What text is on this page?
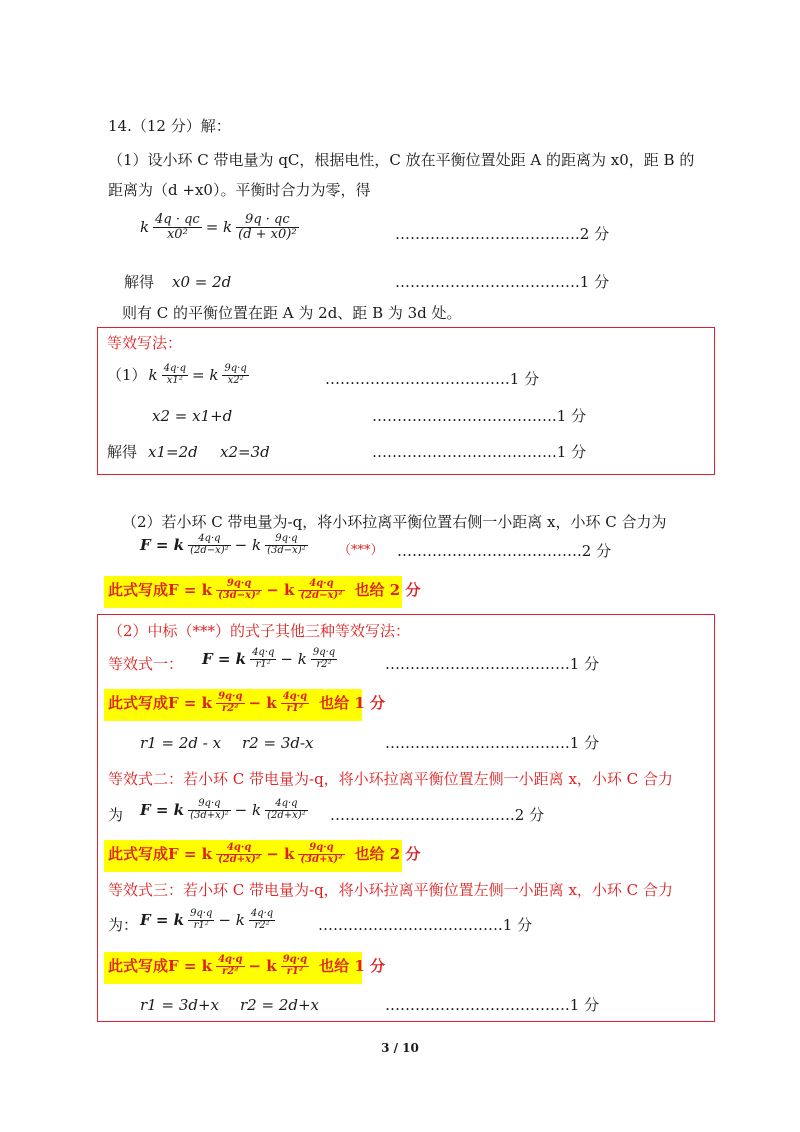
14.（12 分）解：
（1）设小环 C 带电量为 qC，根据电性，C 放在平衡位置处距 A 的距离为 x0，距 B 的
距离为（d +x0）。平衡时合力为零，得
k $\frac{4q \cdot qc}{\text{x0²}} = k \frac{9q \cdot qc}{\text{(d + x0)²}}$	……………………………….2 分
解得 x0 = 2d	……………………………….1 分
则有 C 的平衡位置在距 A 为 2d、距 B 为 3d 处。
等效写法：
（1） k $\frac{4q\cdot q}{\text{x1²}} = k \frac{9q\cdot q}{\text{x2²}}$	……………………………….1 分
x2 = x1+d	……………………………….1 分
解得 x1=2d x2=3d	……………………………….1 分
（2）若小环 C 带电量为-q，将小环拉离平衡位置右侧一小距离 x，小环 C 合力为
F = k $\frac{4q\cdot q}{\text{(2d−x)²}} - k \frac{9q\cdot q}{\text{(3d−x)²}}$ （***） ……………………………….2 分
此式写成F = k $\frac{9q\cdot q}{\text{(3d−x)²}} - k \frac{4q\cdot q}{\text{(2d−x)²}}$ 也给 2 分
（2）中标（***）的式子其他三种等效写法：
等效式一： F = k $\frac{4q\cdot q}{\text{r1²}} - k \frac{9q\cdot q}{\text{r2²}}$	……………………………….1 分
此式写成F = k $\frac{9q\cdot q}{\text{r2²}} - k \frac{4q\cdot q}{\text{r1²}}$ 也给 1 分
r1 = 2d - x r2 = 3d-x	……………………………….1 分
等效式二：若小环 C 带电量为-q，将小环拉离平衡位置左侧一小距离 x，小环 C 合力
为 F = k $\frac{9q\cdot q}{\text{(3d+x)²}} - k \frac{4q\cdot q}{\text{(2d+x)²}}$ ……………………………….2 分
此式写成F = k $\frac{4q\cdot q}{\text{(2d+x)²}} - k \frac{9q\cdot q}{\text{(3d+x)²}}$ 也给 2 分
等效式三：若小环 C 带电量为-q，将小环拉离平衡位置左侧一小距离 x，小环 C 合力
为： F = k $\frac{9q\cdot q}{\text{r1²}} - k \frac{4q\cdot q}{\text{r2²}}$	……………………………….1 分
此式写成F = k $\frac{4q\cdot q}{\text{r2²}} - k \frac{9q\cdot q}{\text{r1²}}$ 也给 1 分
r1 = 3d+x r2 = 2d+x	……………………………….1 分
3 / 10
